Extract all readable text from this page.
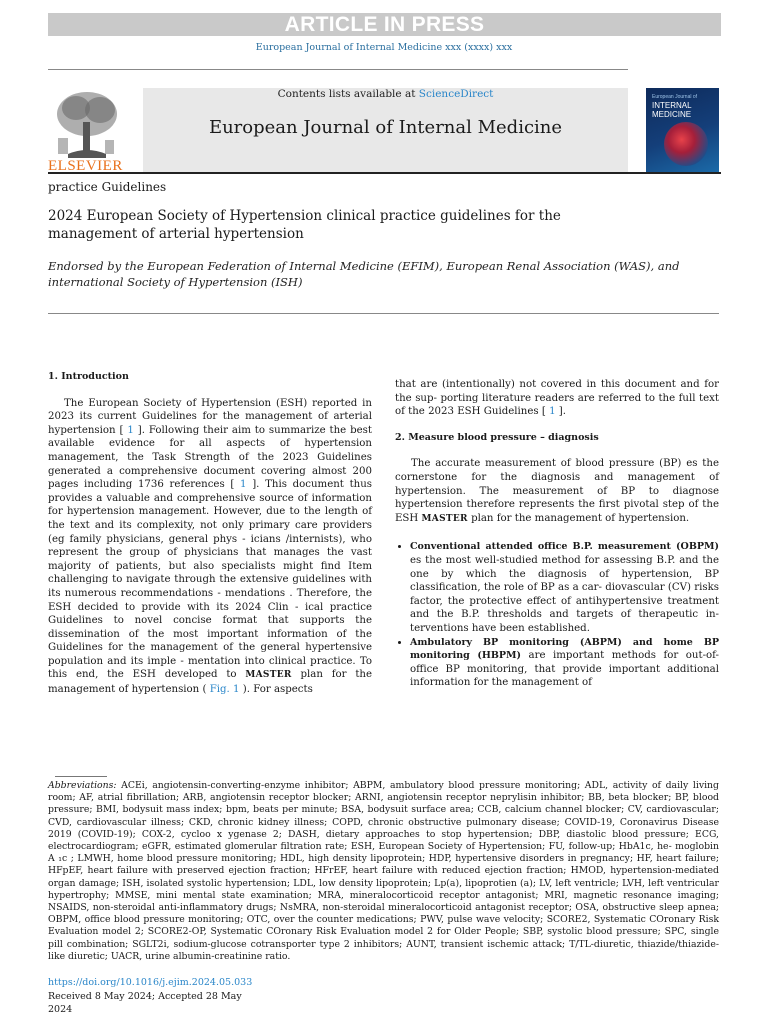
ARTICLE IN PRESS
European Journal of Internal Medicine xxx (xxxx) xxx
ELSEVIER
Contents lists available at ScienceDirect
European Journal of Internal Medicine
European Journal of
INTERNAL MEDICINE
practice Guidelines
2024 European Society of Hypertension clinical practice guidelines for the management of arterial hypertension
Endorsed by the European Federation of Internal Medicine (EFIM), European Renal Association (WAS), and international Society of Hypertension (ISH)

1. Introduction

The European Society of Hypertension (ESH) reported in 2023 its current Guidelines for the management of arterial hypertension [ 1 ]. Following their aim to summarize the best available evidence for all aspects of hypertension management, the Task Strength of the 2023 Guidelines generated a comprehensive document covering almost 200 pages including 1736 references [ 1 ]. This document thus provides a valuable and comprehensive source of information for hypertension management. However, due to the length of the text and its complexity, not only primary care providers (eg family physicians, general phys - icians /internists), who represent the group of physicians that manages the vast majority of patients, but also specialists might find Item challenging to navigate through the extensive guidelines with its numerous recommendations - mendations . Therefore, the ESH decided to provide with its 2024 Clin - ical practice Guidelines to novel concise format that supports the dissemination of the most important information of the Guidelines for the management of the general hypertensive population and its imple - mentation into clinical practice. To this end, the ESH developed to MASTER plan for the management of hypertension ( Fig. 1 ). For aspects

that are (intentionally) not covered in this document and for the sup- porting literature readers are referred to the full text of the 2023 ESH Guidelines [ 1 ].

2. Measure blood pressure – diagnosis

The accurate measurement of blood pressure (BP) es the cornerstone for the diagnosis and management of hypertension. The measurement of BP to diagnose hypertension therefore represents the first pivotal step of the ESH MASTER plan for the management of hypertension.

• Conventional attended office B.P. measurement (OBPM) es the most well-studied method for assessing B.P. and the one by which the diagnosis of hypertension, BP classification, the role of BP as a car- diovascular (CV) risks factor, the protective effect of antihypertensive treatment and the B.P. thresholds and targets of therapeutic in- terventions have been established.
• Ambulatory BP monitoring (ABPM) and home BP monitoring (HBPM) are important methods for out-of-office BP monitoring, that provide important additional information for the management of
Abbreviations: ACEi, angiotensin-converting-enzyme inhibitor; ABPM, ambulatory blood pressure monitoring; ADL, activity of daily living room; AF, atrial fibrillation; ARB, angiotensin receptor blocker; ARNI, angiotensin receptor neprylisin inhibitor; BB, beta blocker; BP, blood pressure; BMI, bodysuit mass index; bpm, beats per minute; BSA, bodysuit surface area; CCB, calcium channel blocker; CV, cardiovascular; CVD, cardiovascular illness; CKD, chronic kidney illness; COPD, chronic obstructive pulmonary disease; COVID-19, Coronavirus Disease 2019 (COVID-19); COX-2, cycloo x ygenase 2; DASH, dietary approaches to stop hypertension; DBP, diastolic blood pressure; ECG, electrocardiogram; eGFR, estimated glomerular filtration rate; ESH, European Society of Hypertension; FU, follow-up; HbA1c, he- moglobin A ₁c ; LMWH, home blood pressure monitoring; HDL, high density lipoprotein; HDP, hypertensive disorders in pregnancy; HF, heart failure; HFpEF, heart failure with preserved ejection fraction; HFrEF, heart failure with reduced ejection fraction; HMOD, hypertension-mediated organ damage; ISH, isolated systolic hypertension; LDL, low density lipoprotein; Lp(a), lipoprotien (a); LV, left ventricle; LVH, left ventricular hypertrophy; MMSE, mini mental state examination; MRA, mineralocorticoid receptor antagonist; MRI, magnetic resonance imaging; NSAIDS, non-steroidal anti-inflammatory drugs; NsMRA, non-steroidal mineralocorticoid antagonist receptor; OSA, obstructive sleep apnea; OBPM, office blood pressure monitoring; OTC, over the counter medications; PWV, pulse wave velocity; SCORE2, Systematic COronary Risk Evaluation model 2; SCORE2-OP, Systematic COronary Risk Evaluation model 2 for Older People; SBP, systolic blood pressure; SPC, single pill combination; SGLT2i, sodium-glucose cotransporter type 2 inhibitors; AUNT, transient ischemic attack; T/TL-diuretic, thiazide/thiazide-like diuretic; UACR, urine albumin-creatinine ratio.
https://doi.org/10.1016/j.ejim.2024.05.033
Received 8 May 2024; Accepted 28 May 2024
